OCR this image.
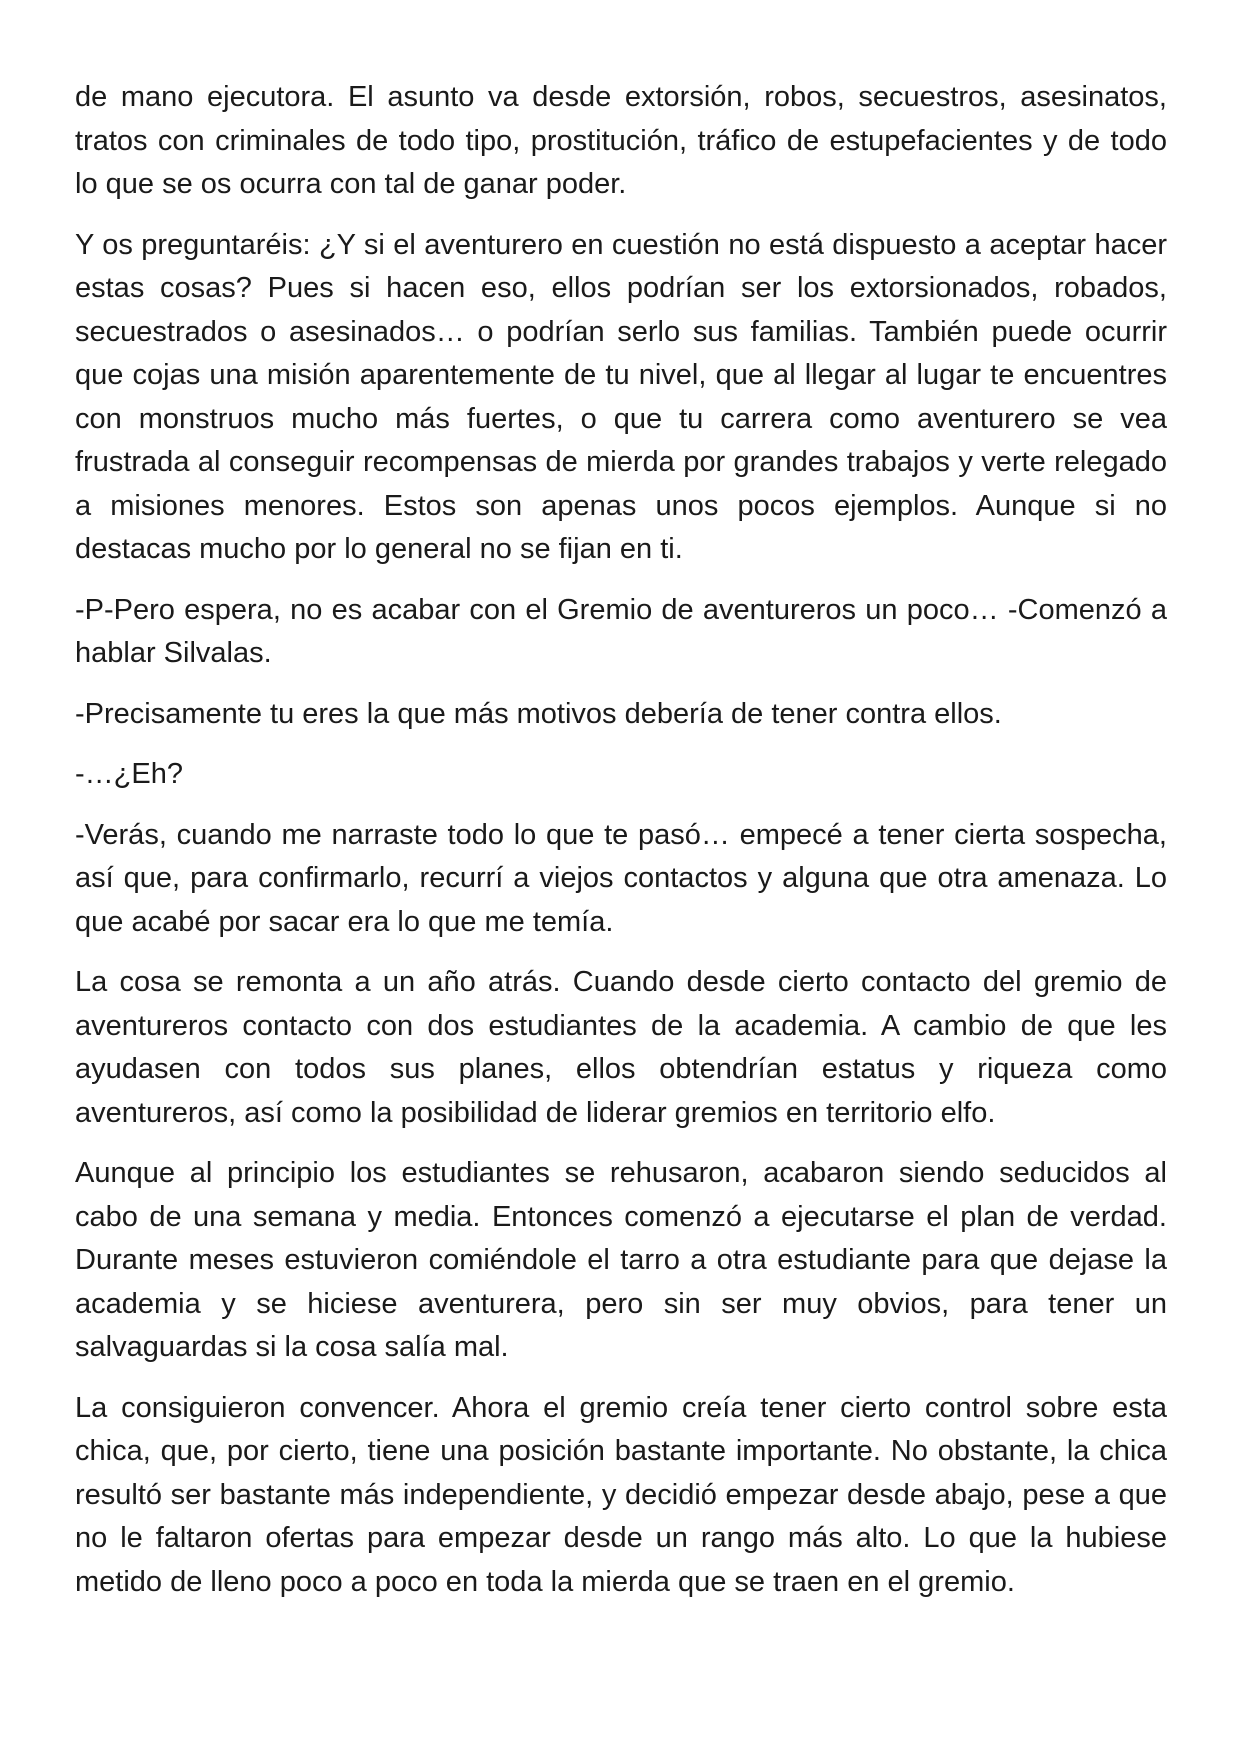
de mano ejecutora. El asunto va desde extorsión, robos, secuestros, asesinatos, tratos con criminales de todo tipo, prostitución, tráfico de estupefacientes y de todo lo que se os ocurra con tal de ganar poder.

Y os preguntaréis: ¿Y si el aventurero en cuestión no está dispuesto a aceptar hacer estas cosas? Pues si hacen eso, ellos podrían ser los extorsionados, robados, secuestrados o asesinados… o podrían serlo sus familias. También puede ocurrir que cojas una misión aparentemente de tu nivel, que al llegar al lugar te encuentres con monstruos mucho más fuertes, o que tu carrera como aventurero se vea frustrada al conseguir recompensas de mierda por grandes trabajos y verte relegado a misiones menores. Estos son apenas unos pocos ejemplos. Aunque si no destacas mucho por lo general no se fijan en ti.

-P-Pero espera, no es acabar con el Gremio de aventureros un poco… -Comenzó a hablar Silvalas.

-Precisamente tu eres la que más motivos debería de tener contra ellos.

-…¿Eh?

-Verás, cuando me narraste todo lo que te pasó… empecé a tener cierta sospecha, así que, para confirmarlo, recurrí a viejos contactos y alguna que otra amenaza. Lo que acabé por sacar era lo que me temía.

La cosa se remonta a un año atrás. Cuando desde cierto contacto del gremio de aventureros contacto con dos estudiantes de la academia. A cambio de que les ayudasen con todos sus planes, ellos obtendrían estatus y riqueza como aventureros, así como la posibilidad de liderar gremios en territorio elfo.

Aunque al principio los estudiantes se rehusaron, acabaron siendo seducidos al cabo de una semana y media. Entonces comenzó a ejecutarse el plan de verdad. Durante meses estuvieron comiéndole el tarro a otra estudiante para que dejase la academia y se hiciese aventurera, pero sin ser muy obvios, para tener un salvaguardas si la cosa salía mal.

La consiguieron convencer. Ahora el gremio creía tener cierto control sobre esta chica, que, por cierto, tiene una posición bastante importante. No obstante, la chica resultó ser bastante más independiente, y decidió empezar desde abajo, pese a que no le faltaron ofertas para empezar desde un rango más alto. Lo que la hubiese metido de lleno poco a poco en toda la mierda que se traen en el gremio.
